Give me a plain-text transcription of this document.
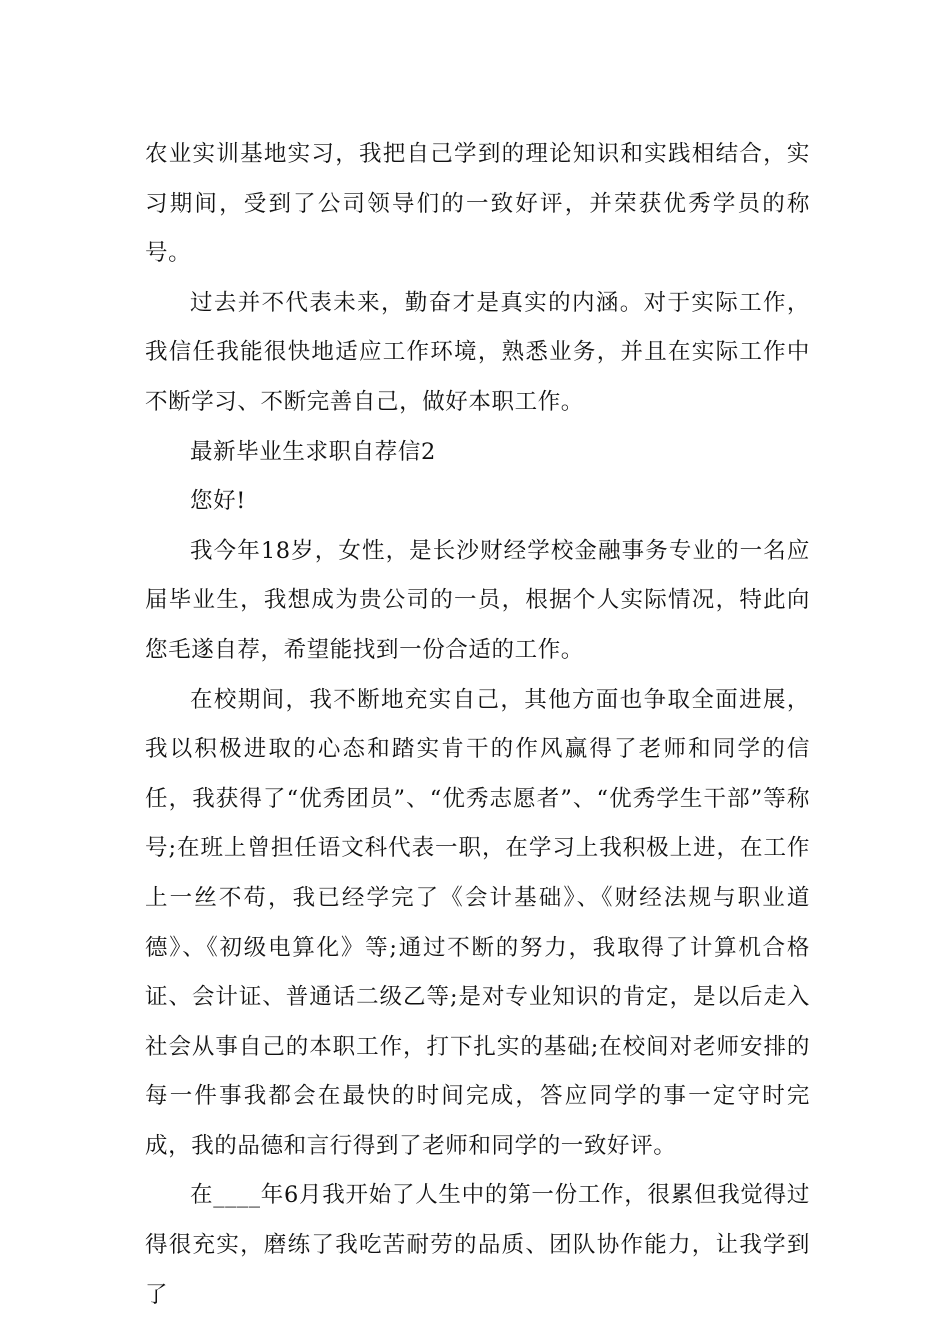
农业实训基地实习，我把自己学到的理论知识和实践相结合，实习期间，受到了公司领导们的一致好评，并荣获优秀学员的称号。

过去并不代表未来，勤奋才是真实的内涵。对于实际工作，我信任我能很快地适应工作环境，熟悉业务，并且在实际工作中不断学习、不断完善自己，做好本职工作。

最新毕业生求职自荐信2

您好!

我今年18岁，女性，是长沙财经学校金融事务专业的一名应届毕业生，我想成为贵公司的一员，根据个人实际情况，特此向您毛遂自荐，希望能找到一份合适的工作。

在校期间，我不断地充实自己，其他方面也争取全面进展，我以积极进取的心态和踏实肯干的作风赢得了老师和同学的信任，我获得了“优秀团员”、“优秀志愿者”、“优秀学生干部”等称号;在班上曾担任语文科代表一职，在学习上我积极上进，在工作上一丝不苟，我已经学完了《会计基础》、《财经法规与职业道德》、《初级电算化》等;通过不断的努力，我取得了计算机合格证、会计证、普通话二级乙等;是对专业知识的肯定，是以后走入社会从事自己的本职工作，打下扎实的基础;在校间对老师安排的每一件事我都会在最快的时间完成，答应同学的事一定守时完成，我的品德和言行得到了老师和同学的一致好评。

在____年6月我开始了人生中的第一份工作，很累但我觉得过得很充实，磨练了我吃苦耐劳的品质、团队协作能力，让我学到了
